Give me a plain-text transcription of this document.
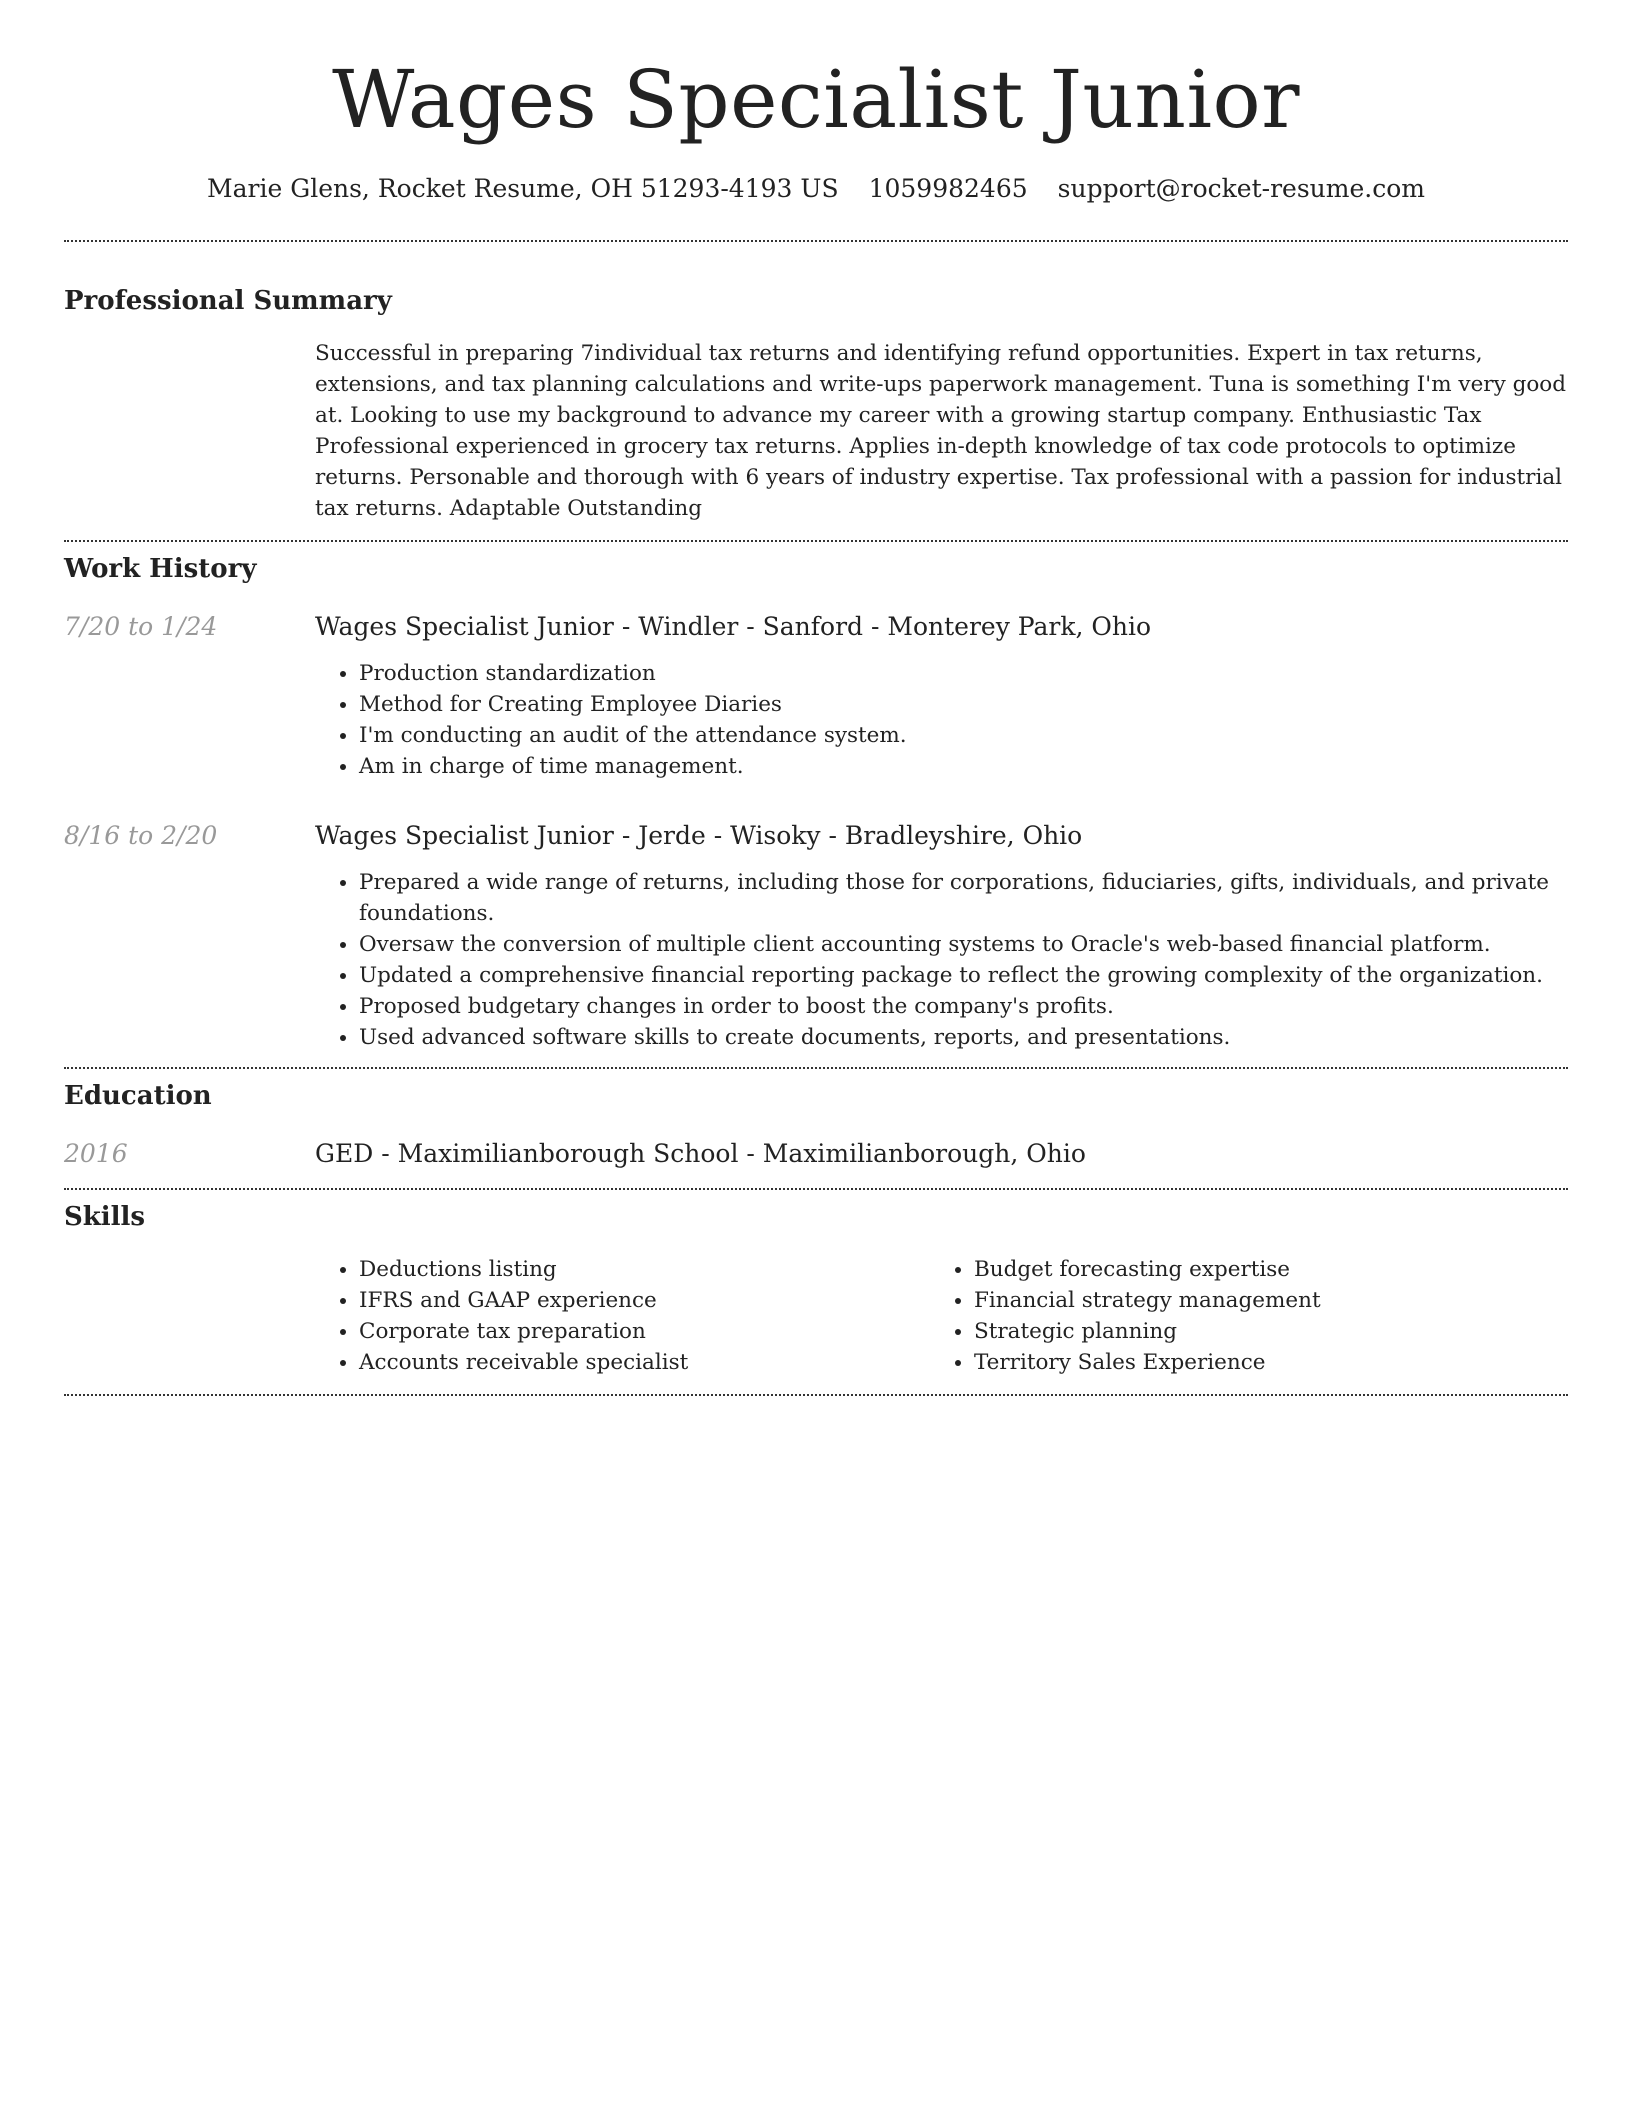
Wages Specialist Junior
Marie Glens, Rocket Resume, OH 51293-4193 US 1059982465 support@rocket-resume.com
Professional Summary

Successful in preparing 7individual tax returns and identifying refund opportunities. Expert in tax returns, extensions, and tax planning calculations and write-ups paperwork management. Tuna is something I'm very good at. Looking to use my background to advance my career with a growing startup company. Enthusiastic Tax Professional experienced in grocery tax returns. Applies in-depth knowledge of tax code protocols to optimize returns. Personable and thorough with 6 years of industry expertise. Tax professional with a passion for industrial tax returns. Adaptable Outstanding

Work History
7/20 to 1/24	Wages Specialist Junior - Windler - Sanford - Monterey Park, Ohio

• Production standardization
• Method for Creating Employee Diaries
• I'm conducting an audit of the attendance system.
• Am in charge of time management.
8/16 to 2/20	Wages Specialist Junior - Jerde - Wisoky - Bradleyshire, Ohio

• Prepared a wide range of returns, including those for corporations, fiduciaries, gifts, individuals, and private foundations.
• Oversaw the conversion of multiple client accounting systems to Oracle's web-based financial platform.
• Updated a comprehensive financial reporting package to reflect the growing complexity of the organization.
• Proposed budgetary changes in order to boost the company's profits.
• Used advanced software skills to create documents, reports, and presentations.
Education
2016	GED - Maximilianborough School - Maximilianborough, Ohio

Skills
• Deductions listing
• IFRS and GAAP experience
• Corporate tax preparation
• Accounts receivable specialist
• Budget forecasting expertise
• Financial strategy management
• Strategic planning
• Territory Sales Experience
